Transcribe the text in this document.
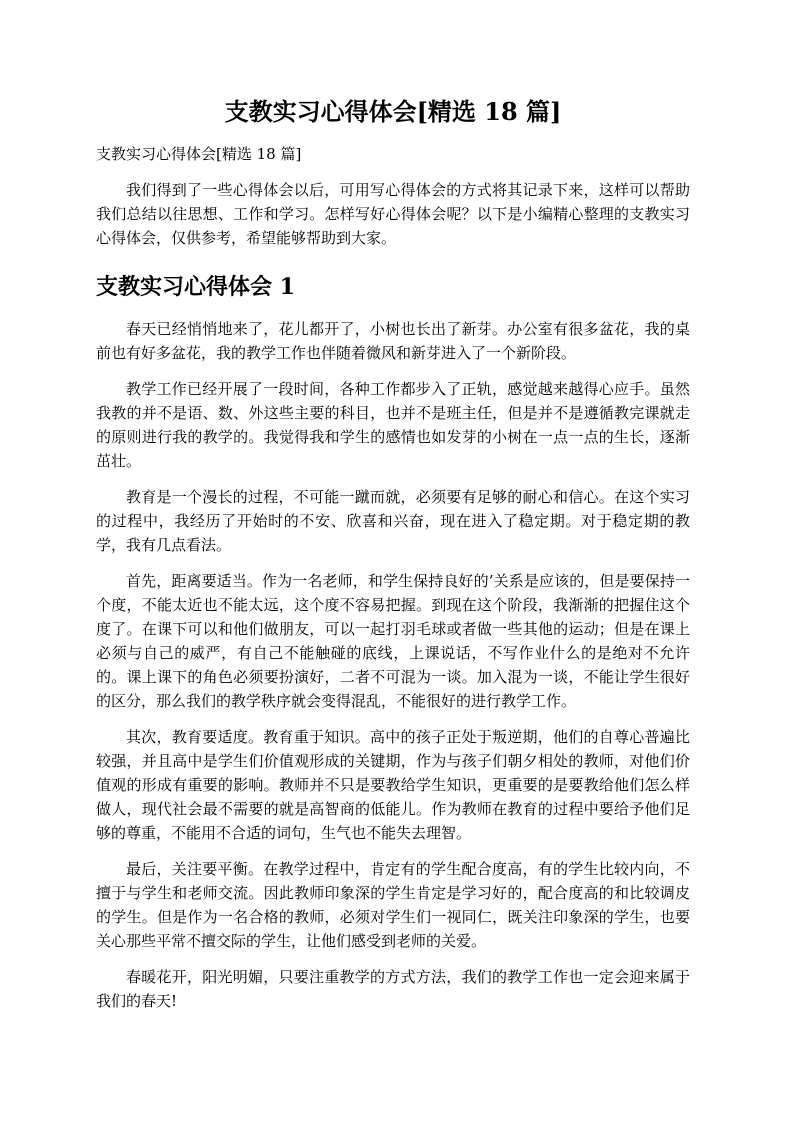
支教实习心得体会[精选 18 篇]

支教实习心得体会[精选 18 篇]

我们得到了一些心得体会以后，可用写心得体会的方式将其记录下来，这样可以帮助我们总结以往思想、工作和学习。怎样写好心得体会呢？以下是小编精心整理的支教实习心得体会，仅供参考，希望能够帮助到大家。

支教实习心得体会 1

春天已经悄悄地来了，花儿都开了，小树也长出了新芽。办公室有很多盆花，我的桌前也有好多盆花，我的教学工作也伴随着微风和新芽进入了一个新阶段。

教学工作已经开展了一段时间，各种工作都步入了正轨，感觉越来越得心应手。虽然我教的并不是语、数、外这些主要的科目，也并不是班主任，但是并不是遵循教完课就走的原则进行我的教学的。我觉得我和学生的感情也如发芽的小树在一点一点的生长，逐渐茁壮。

教育是一个漫长的过程，不可能一蹴而就，必须要有足够的耐心和信心。在这个实习的过程中，我经历了开始时的不安、欣喜和兴奋，现在进入了稳定期。对于稳定期的教学，我有几点看法。

首先，距离要适当。作为一名老师，和学生保持良好的’关系是应该的，但是要保持一个度，不能太近也不能太远，这个度不容易把握。到现在这个阶段，我渐渐的把握住这个度了。在课下可以和他们做朋友，可以一起打羽毛球或者做一些其他的运动；但是在课上必须与自己的威严，有自己不能触碰的底线，上课说话，不写作业什么的是绝对不允许的。课上课下的角色必须要扮演好，二者不可混为一谈。加入混为一谈，不能让学生很好的区分，那么我们的教学秩序就会变得混乱，不能很好的进行教学工作。

其次，教育要适度。教育重于知识。高中的孩子正处于叛逆期，他们的自尊心普遍比较强，并且高中是学生们价值观形成的关键期，作为与孩子们朝夕相处的教师，对他们价值观的形成有重要的影响。教师并不只是要教给学生知识，更重要的是要教给他们怎么样做人，现代社会最不需要的就是高智商的低能儿。作为教师在教育的过程中要给予他们足够的尊重，不能用不合适的词句，生气也不能失去理智。

最后，关注要平衡。在教学过程中，肯定有的学生配合度高，有的学生比较内向，不擅于与学生和老师交流。因此教师印象深的学生肯定是学习好的，配合度高的和比较调皮的学生。但是作为一名合格的教师，必须对学生们一视同仁，既关注印象深的学生，也要关心那些平常不擅交际的学生，让他们感受到老师的关爱。

春暖花开，阳光明媚，只要注重教学的方式方法，我们的教学工作也一定会迎来属于我们的春天!
